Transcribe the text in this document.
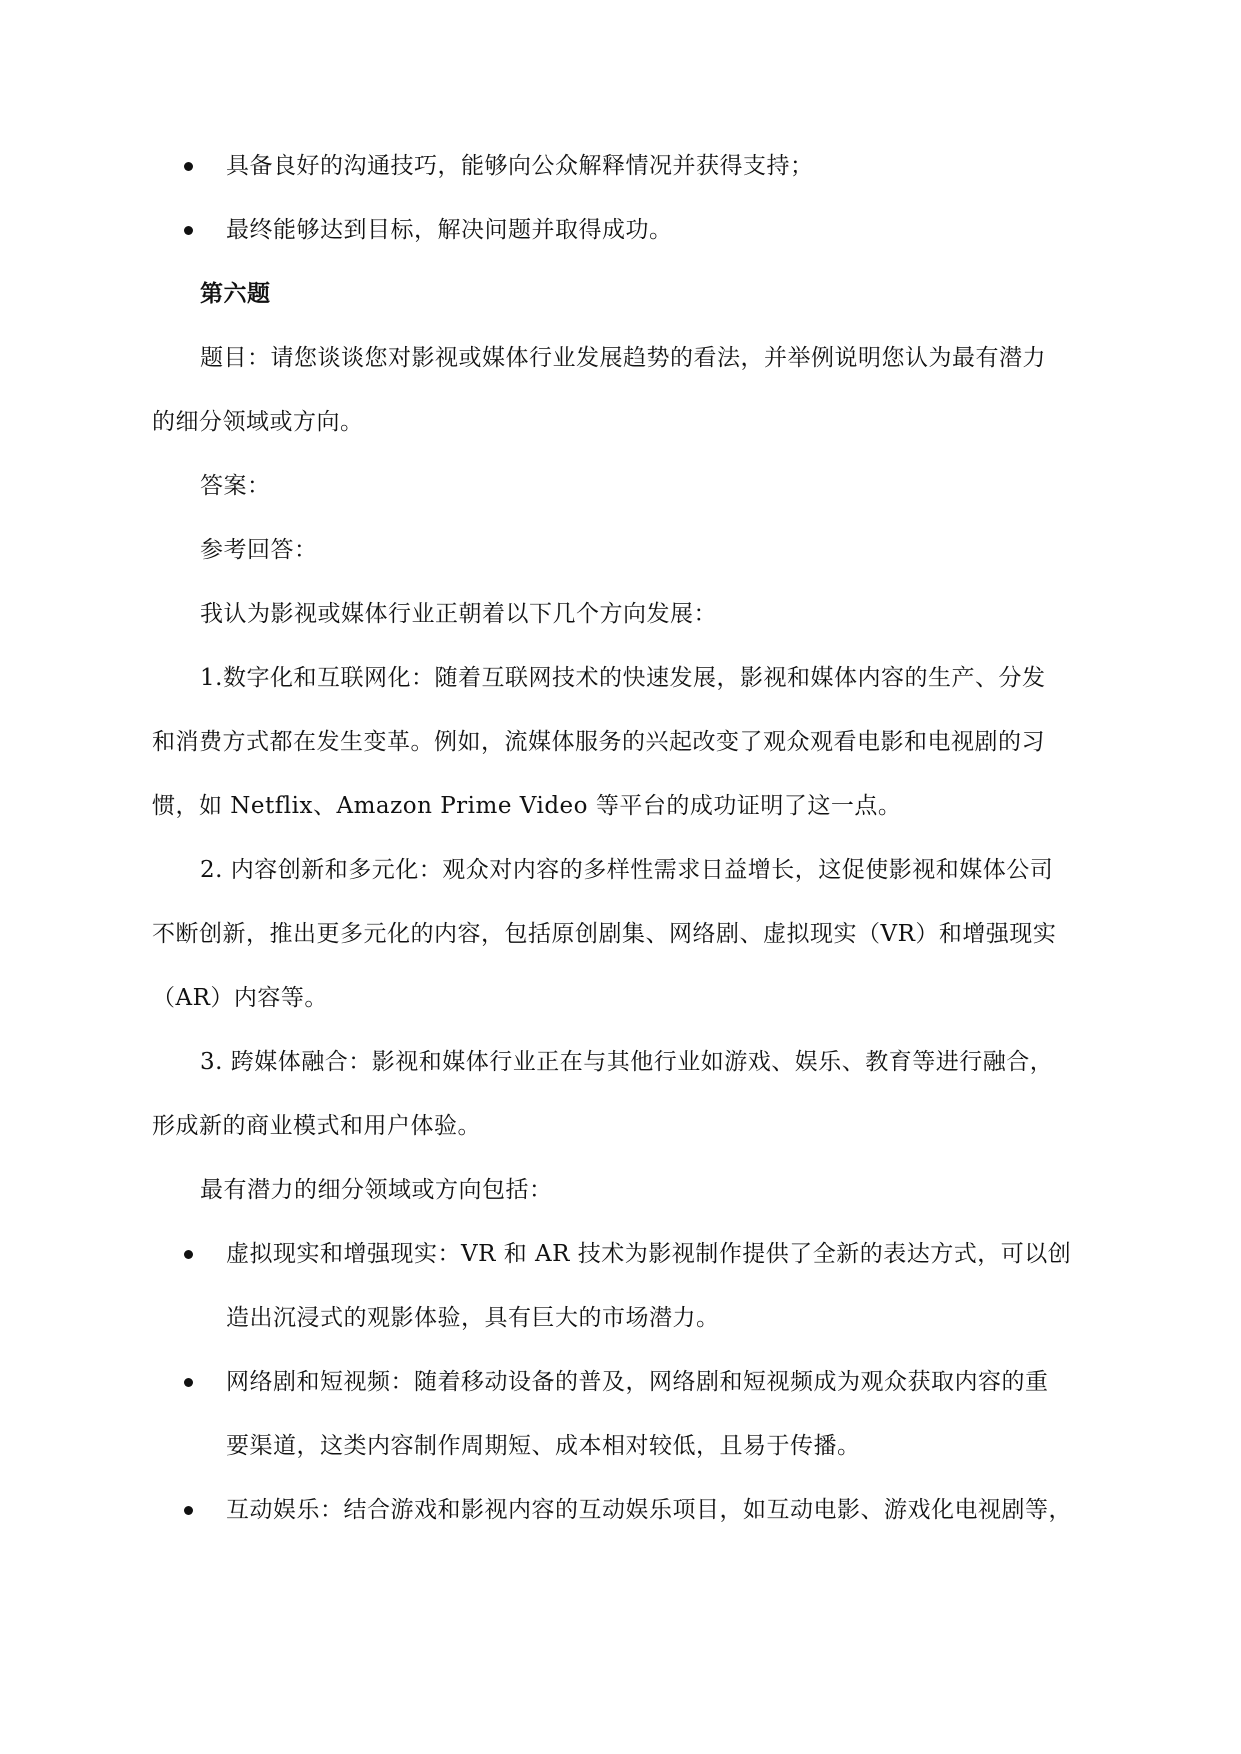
具备良好的沟通技巧，能够向公众解释情况并获得支持；
最终能够达到目标，解决问题并取得成功。
第六题
题目：请您谈谈您对影视或媒体行业发展趋势的看法，并举例说明您认为最有潜力
的细分领域或方向。
答案：
参考回答：
我认为影视或媒体行业正朝着以下几个方向发展：
1.数字化和互联网化：随着互联网技术的快速发展，影视和媒体内容的生产、分发
和消费方式都在发生变革。例如，流媒体服务的兴起改变了观众观看电影和电视剧的习
惯，如 Netflix、Amazon Prime Video 等平台的成功证明了这一点。
2. 内容创新和多元化：观众对内容的多样性需求日益增长，这促使影视和媒体公司
不断创新，推出更多元化的内容，包括原创剧集、网络剧、虚拟现实（VR）和增强现实
（AR）内容等。
3. 跨媒体融合：影视和媒体行业正在与其他行业如游戏、娱乐、教育等进行融合，
形成新的商业模式和用户体验。
最有潜力的细分领域或方向包括：
虚拟现实和增强现实：VR 和 AR 技术为影视制作提供了全新的表达方式，可以创
造出沉浸式的观影体验，具有巨大的市场潜力。
网络剧和短视频：随着移动设备的普及，网络剧和短视频成为观众获取内容的重
要渠道，这类内容制作周期短、成本相对较低，且易于传播。
互动娱乐：结合游戏和影视内容的互动娱乐项目，如互动电影、游戏化电视剧等，
